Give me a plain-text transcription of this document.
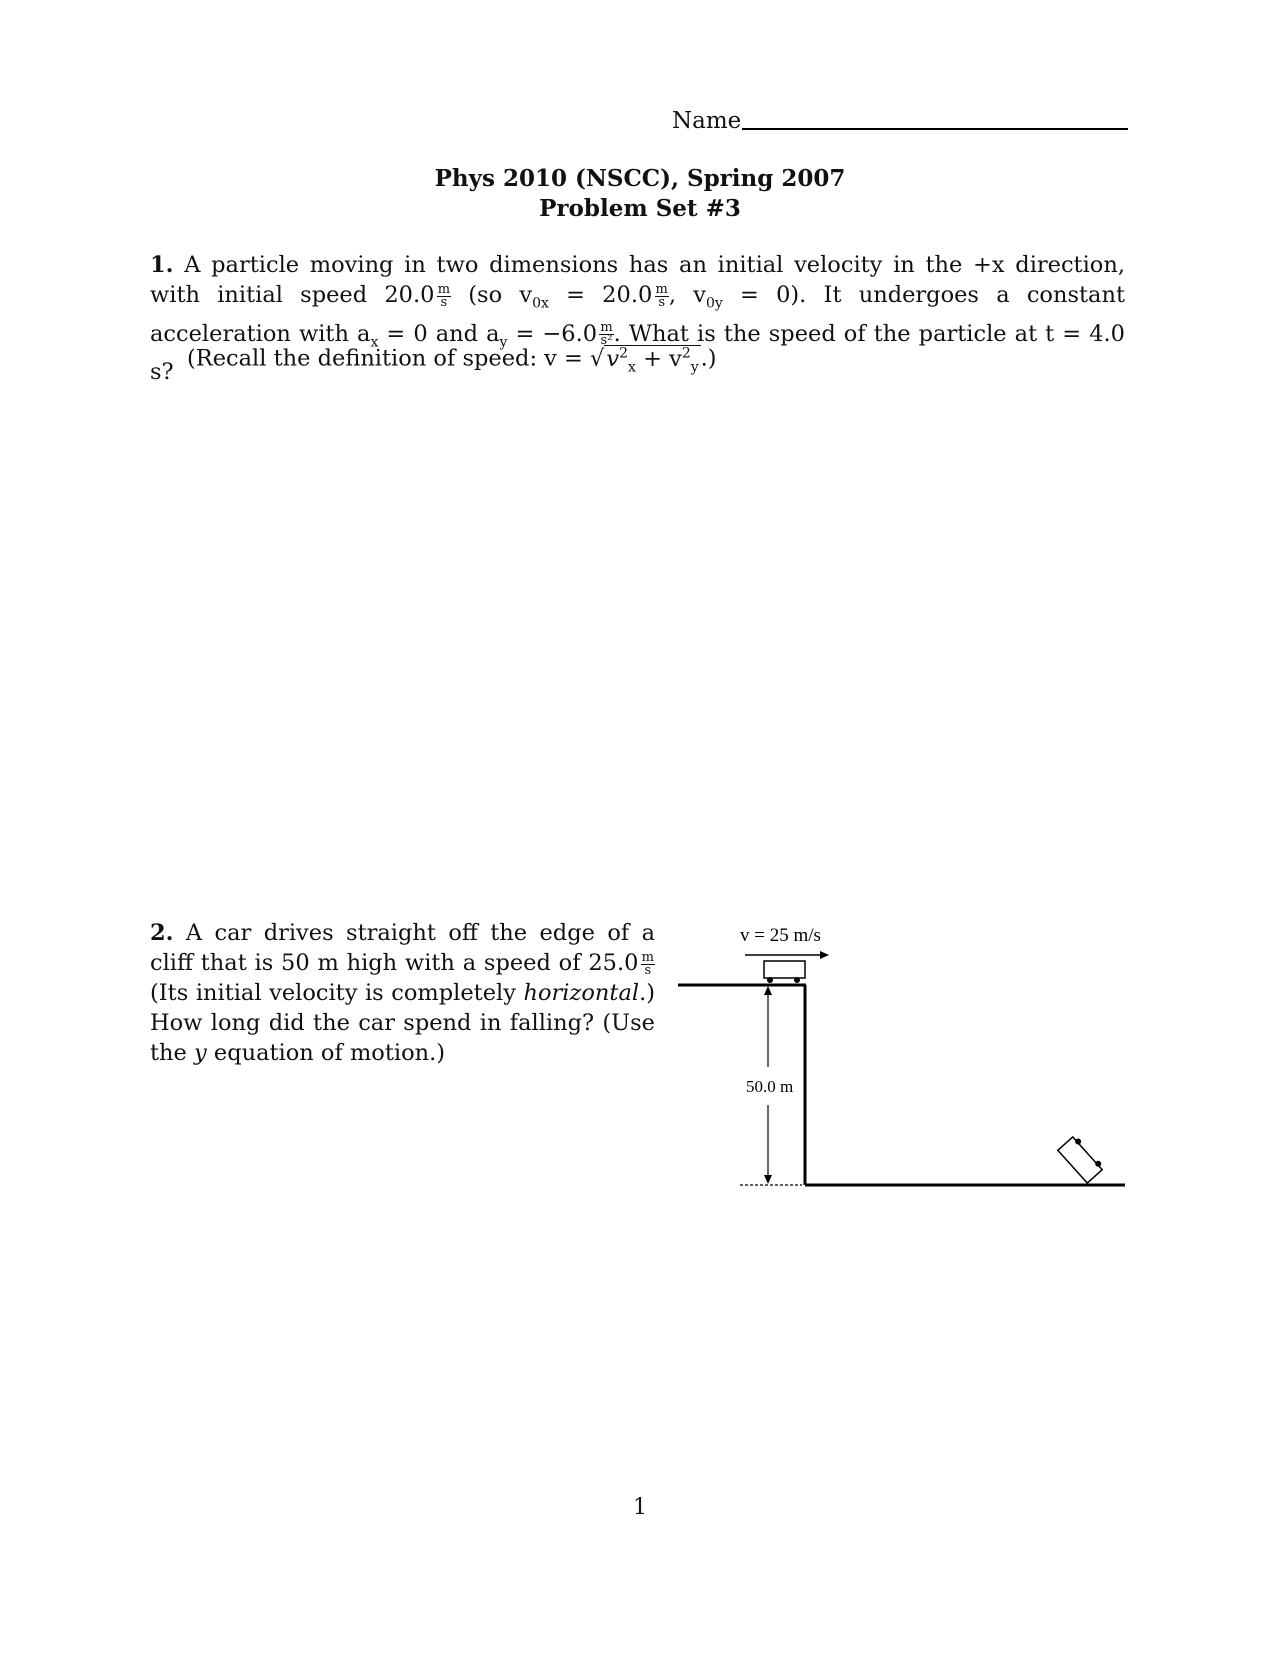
Name
Phys 2010 (NSCC), Spring 2007
Problem Set #3
1. A particle moving in two dimensions has an initial velocity in the +x direction, with initial speed 20.0  $\frac{m}{s} (so$ $v_{0x} = 20.0$  $\frac{m}{s}$ , $v_{0y} = 0$). It undergoes a constant acceleration with $a_x = 0$ and $a_y = -6.0$  $\frac{m}{\text{s²}}$ . What is the speed of the particle at t = 4.0 s?
(Recall the definition of speed: $v = √v^2_x + v^2_y$.)
2. A car drives straight off the edge of a cliff that is 50 m high with a speed of 25.0  $\frac{m}{s}$
(Its initial velocity is completely horizontal.) How long did the car spend in falling? (Use the y equation of motion.)
v = 25 m/s
50.0 m
1
